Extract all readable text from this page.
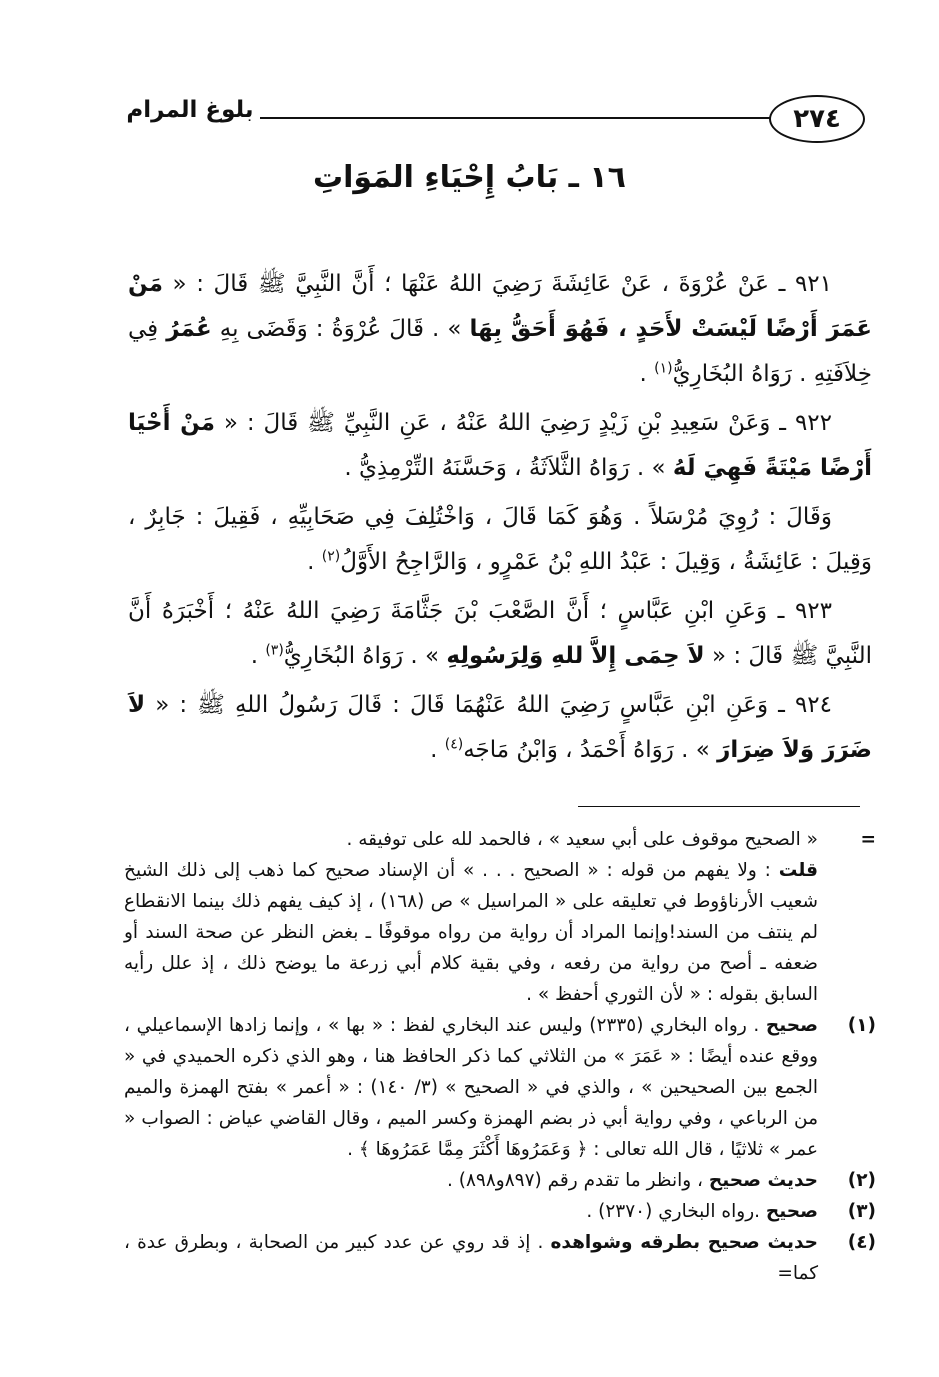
٢٧٤
بلوغ المرام
١٦ ـ بَابُ إِحْيَاءِ المَوَاتِ

٩٢١ ـ عَنْ عُرْوَةَ ، عَنْ عَائِشَةَ رَضِيَ اللهُ عَنْهَا ؛ أَنَّ النَّبِيَّ ﷺ قَالَ : « مَنْ عَمَرَ أَرْضًا لَيْسَتْ لأَحَدٍ ، فَهُوَ أَحَقُّ بِهَا » . قَالَ عُرْوَةُ : وَقَضَى بِهِ عُمَرُ فِي خِلاَفَتِهِ . رَوَاهُ البُخَارِيُّ$^{(١)}$ .

٩٢٢ ـ وَعَنْ سَعِيدِ بْنِ زَيْدٍ رَضِيَ اللهُ عَنْهُ ، عَنِ النَّبِيِّ ﷺ قَالَ : « مَنْ أَحْيَا أَرْضًا مَيْتَةً فَهِيَ لَهُ » . رَوَاهُ الثَّلاَثَةُ ، وَحَسَّنَهُ التِّرْمِذِيُّ .

وَقَالَ : رُوِيَ مُرْسَلاً . وَهُوَ كَمَا قَالَ ، وَاخْتُلِفَ فِي صَحَابِيِّهِ ، فَقِيلَ : جَابِرٌ ، وَقِيلَ : عَائِشَةُ ، وَقِيلَ : عَبْدُ اللهِ بْنُ عَمْرٍو ، وَالرَّاجِحُ الأَوَّلُ$^{(٢)}$ .

٩٢٣ ـ وَعَنِ ابْنِ عَبَّاسٍ ؛ أَنَّ الصَّعْبَ بْنَ جَثَّامَةَ رَضِيَ اللهُ عَنْهُ ؛ أَخْبَرَهُ أَنَّ النَّبِيَّ ﷺ قَالَ : « لاَ حِمَى إِلاَّ للهِ وَلِرَسُولِهِ » . رَوَاهُ البُخَارِيُّ$^{(٣)}$ .

٩٢٤ ـ وَعَنِ ابْنِ عَبَّاسٍ رَضِيَ اللهُ عَنْهُمَا قَالَ : قَالَ رَسُولُ اللهِ ﷺ : « لاَ ضَرَرَ وَلاَ ضِرَارَ » . رَوَاهُ أَحْمَدُ ، وَابْنُ مَاجَه$^{(٤)}$ .

=
« الصحيح موقوف على أبي سعيد » ، فالحمد لله على توفيقه .

قلت : ولا يفهم من قوله : « الصحيح . . . » أن الإسناد صحيح كما ذهب إلى ذلك الشيخ شعيب الأرناؤوط في تعليقه على « المراسيل » ص (١٦٨) ، إذ كيف يفهم ذلك بينما الانقطاع لم ينتف من السند!وإنما المراد أن رواية من رواه موقوفًا ـ بغض النظر عن صحة السند أو ضعفه ـ أصح من رواية من رفعه ، وفي بقية كلام أبي زرعة ما يوضح ذلك ، إذ علل رأيه السابق بقوله : « لأن الثوري أحفظ » .

(١)صحيح . رواه البخاري (٢٣٣٥) وليس عند البخاري لفظ : « بها » ، وإنما زادها الإسماعيلي ، ووقع عنده أيضًا : « عَمَرَ » من الثلاثي كما ذكر الحافظ هنا ، وهو الذي ذكره الحميدي في « الجمع بين الصحيحين » ، والذي في « الصحيح » (٣/ ١٤٠) : « أعمر » بفتح الهمزة والميم من الرباعي ، وفي رواية أبي ذر بضم الهمزة وكسر الميم ، وقال القاضي عياض : الصواب « عمر » ثلاثيًا ، قال الله تعالى : ﴿ وَعَمَرُوهَا أَكْثَرَ مِمَّا عَمَرُوهَا ﴾ .

(٢)حديث صحيح ، وانظر ما تقدم رقم (٨٩٧و٨٩٨) .

(٣)صحيح .رواه البخاري (٢٣٧٠) .

(٤)حديث صحيح بطرقه وشواهده . إذ قد روي عن عدد كبير من الصحابة ، وبطرق عدة ، كما=
